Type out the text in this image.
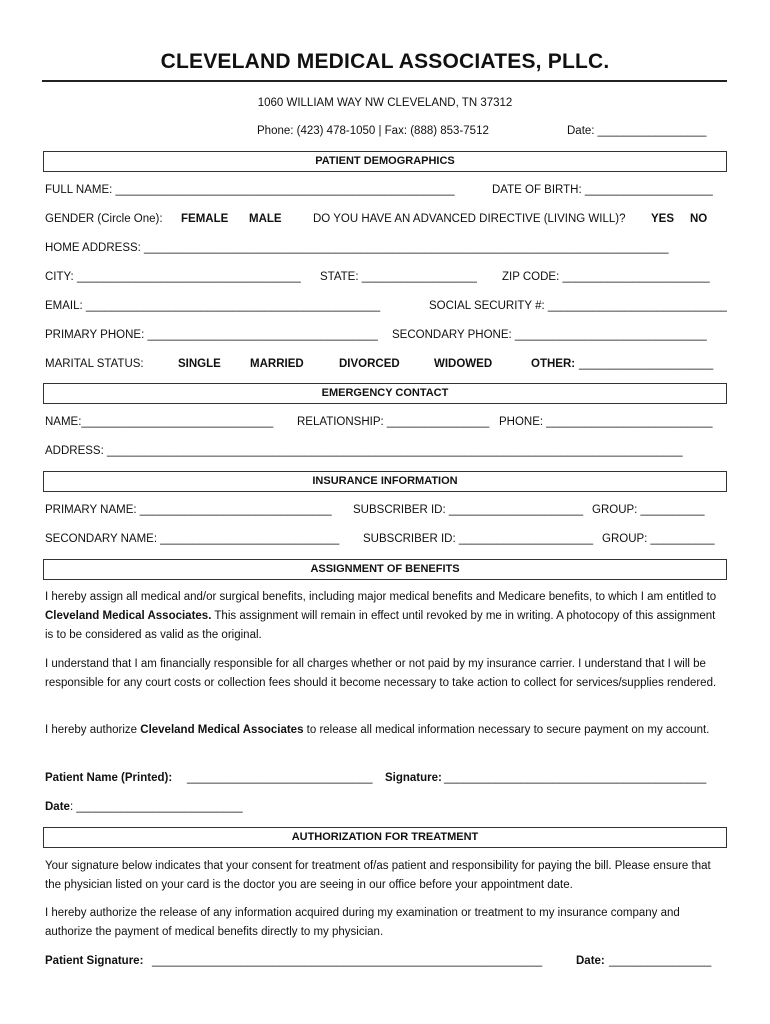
CLEVELAND MEDICAL ASSOCIATES, PLLC.
1060 WILLIAM WAY NW CLEVELAND, TN 37312
Phone: (423) 478-1050 | Fax: (888) 853-7512	Date: _________________
PATIENT DEMOGRAPHICS
FULL NAME: _____________________________________________________	DATE OF BIRTH: ____________________
GENDER (Circle One): FEMALE MALE	DO YOU HAVE AN ADVANCED DIRECTIVE (LIVING WILL)? YES NO
HOME ADDRESS: __________________________________________________________________________________
CITY: ___________________________________ STATE: __________________ ZIP CODE: _______________________
EMAIL: ______________________________________________	SOCIAL SECURITY #: ____________________________
PRIMARY PHONE: ____________________________________ SECONDARY PHONE: ______________________________
MARITAL STATUS:	SINGLE	MARRIED	DIVORCED	WIDOWED	OTHER: _____________________
EMERGENCY CONTACT
NAME:______________________________ RELATIONSHIP: ________________ PHONE: __________________________
ADDRESS: __________________________________________________________________________________________
INSURANCE INFORMATION
PRIMARY NAME: ______________________________ SUBSCRIBER ID: _____________________ GROUP: __________
SECONDARY NAME: ____________________________ SUBSCRIBER ID: _____________________ GROUP: __________
ASSIGNMENT OF BENEFITS
I hereby assign all medical and/or surgical benefits, including major medical benefits and Medicare benefits, to which I am entitled to Cleveland Medical Associates. This assignment will remain in effect until revoked by me in writing. A photocopy of this assignment is to be considered as valid as the original.
I understand that I am financially responsible for all charges whether or not paid by my insurance carrier. I understand that I will be responsible for any court costs or collection fees should it become necessary to take action to collect for services/supplies rendered.
I hereby authorize Cleveland Medical Associates to release all medical information necessary to secure payment on my account.
Patient Name (Printed): _____________________________ Signature: _________________________________________
Date: __________________________
AUTHORIZATION FOR TREATMENT
Your signature below indicates that your consent for treatment of/as patient and responsibility for paying the bill. Please ensure that the physician listed on your card is the doctor you are seeing in our office before your appointment date.
I hereby authorize the release of any information acquired during my examination or treatment to my insurance company and authorize the payment of medical benefits directly to my physician.
Patient Signature: _____________________________________________________________	Date: ________________
